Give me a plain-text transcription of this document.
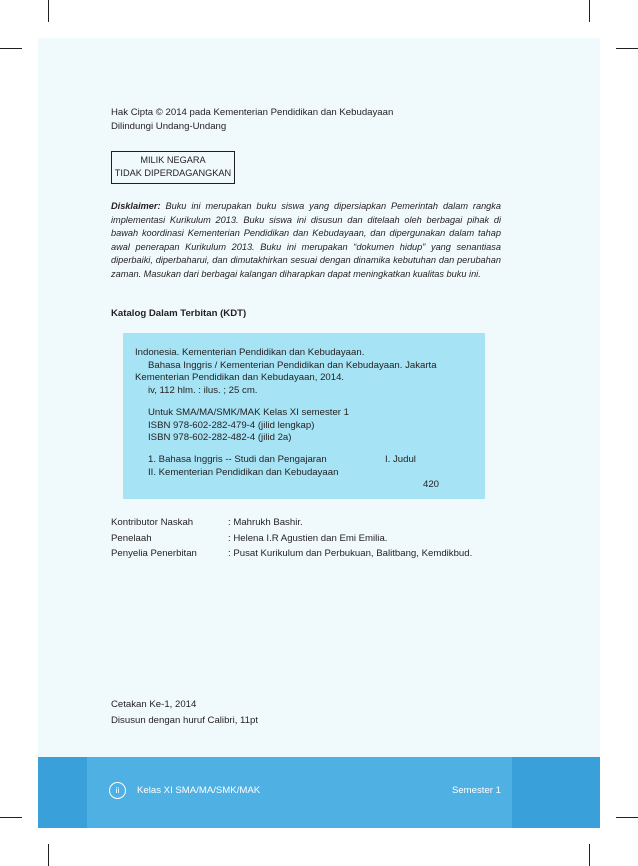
Hak Cipta © 2014 pada Kementerian Pendidikan dan Kebudayaan
Dilindungi Undang-Undang
MILIK NEGARA
TIDAK DIPERDAGANGKAN
Disklaimer: Buku ini merupakan buku siswa yang dipersiapkan Pemerintah dalam rangka implementasi Kurikulum 2013. Buku siswa ini disusun dan ditelaah oleh berbagai pihak di bawah koordinasi Kementerian Pendidikan dan Kebudayaan, dan dipergunakan dalam tahap awal penerapan Kurikulum 2013. Buku ini merupakan “dokumen hidup” yang senantiasa diperbaiki, diperbaharui, dan dimutakhirkan sesuai dengan dinamika kebutuhan dan perubahan zaman. Masukan dari berbagai kalangan diharapkan dapat meningkatkan kualitas buku ini.
Katalog Dalam Terbitan (KDT)
Indonesia. Kementerian Pendidikan dan Kebudayaan.
Bahasa Inggris / Kementerian Pendidikan dan Kebudayaan. Jakarta
Kementerian Pendidikan dan Kebudayaan, 2014.
iv, 112 hlm. : ilus. ; 25 cm.
Untuk SMA/MA/SMK/MAK Kelas XI semester 1
ISBN 978-602-282-479-4 (jilid lengkap)
ISBN 978-602-282-482-4 (jilid 2a)
1. Bahasa Inggris -- Studi dan Pengajaran	I. Judul
II. Kementerian Pendidikan dan Kebudayaan
420
Kontributor Naskah	: Mahrukh Bashir.
Penelaah	: Helena I.R Agustien dan Emi Emilia.
Penyelia Penerbitan	: Pusat Kurikulum dan Perbukuan, Balitbang, Kemdikbud.
Cetakan Ke-1, 2014
Disusun dengan huruf Calibri, 11pt
ii	Kelas XI SMA/MA/SMK/MAK	Semester 1
